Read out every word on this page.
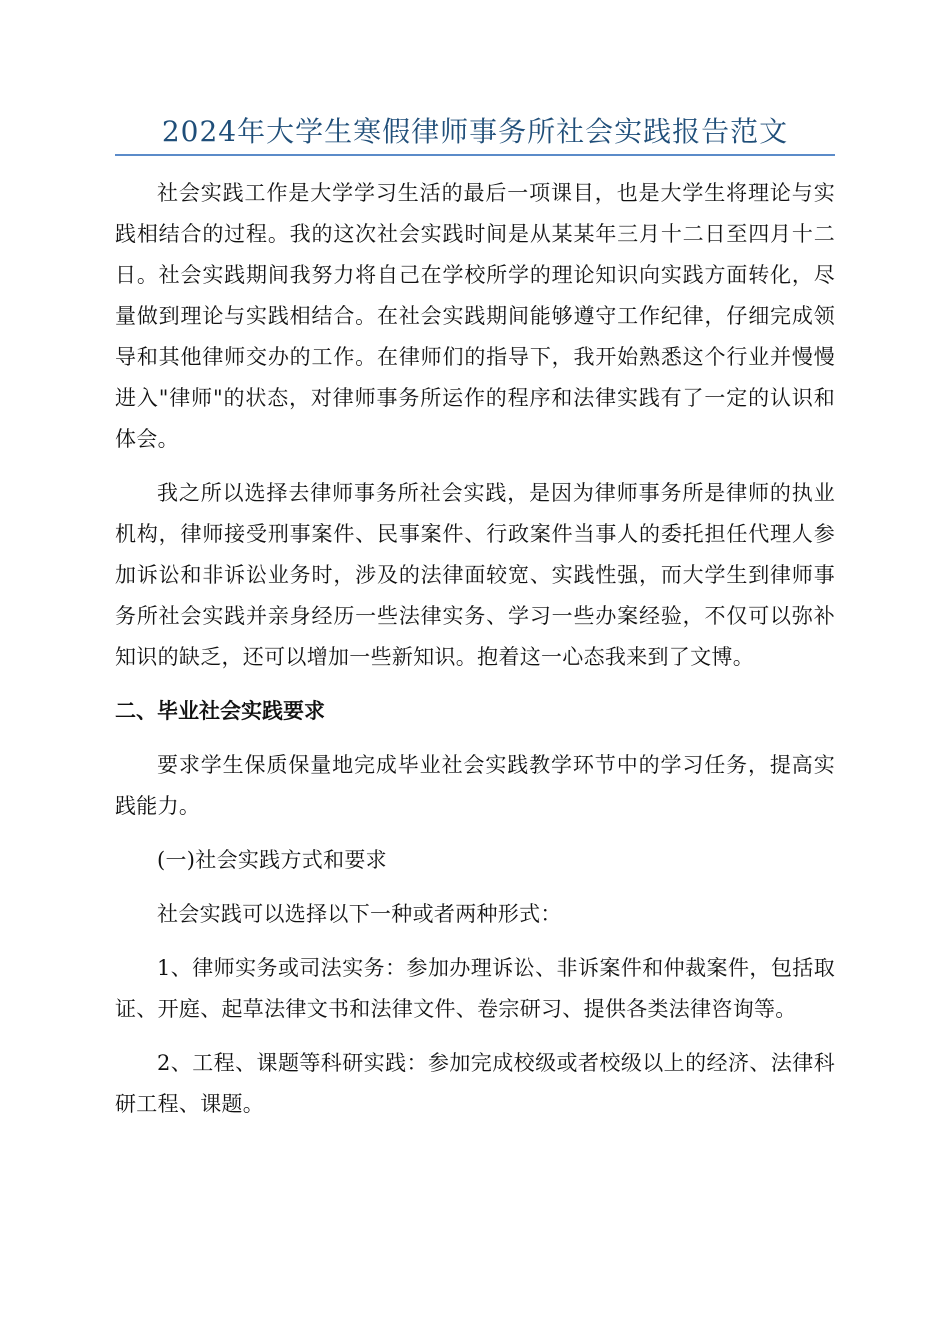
2024年大学生寒假律师事务所社会实践报告范文

社会实践工作是大学学习生活的最后一项课目，也是大学生将理论与实践相结合的过程。我的这次社会实践时间是从某某年三月十二日至四月十二日。社会实践期间我努力将自己在学校所学的理论知识向实践方面转化，尽量做到理论与实践相结合。在社会实践期间能够遵守工作纪律，仔细完成领导和其他律师交办的工作。在律师们的指导下，我开始熟悉这个行业并慢慢进入"律师"的状态，对律师事务所运作的程序和法律实践有了一定的认识和体会。

我之所以选择去律师事务所社会实践，是因为律师事务所是律师的执业机构，律师接受刑事案件、民事案件、行政案件当事人的委托担任代理人参加诉讼和非诉讼业务时，涉及的法律面较宽、实践性强，而大学生到律师事务所社会实践并亲身经历一些法律实务、学习一些办案经验，不仅可以弥补知识的缺乏，还可以增加一些新知识。抱着这一心态我来到了文博。

二、毕业社会实践要求

要求学生保质保量地完成毕业社会实践教学环节中的学习任务，提高实践能力。

(一)社会实践方式和要求

社会实践可以选择以下一种或者两种形式：

1、律师实务或司法实务：参加办理诉讼、非诉案件和仲裁案件，包括取证、开庭、起草法律文书和法律文件、卷宗研习、提供各类法律咨询等。

2、工程、课题等科研实践：参加完成校级或者校级以上的经济、法律科研工程、课题。
